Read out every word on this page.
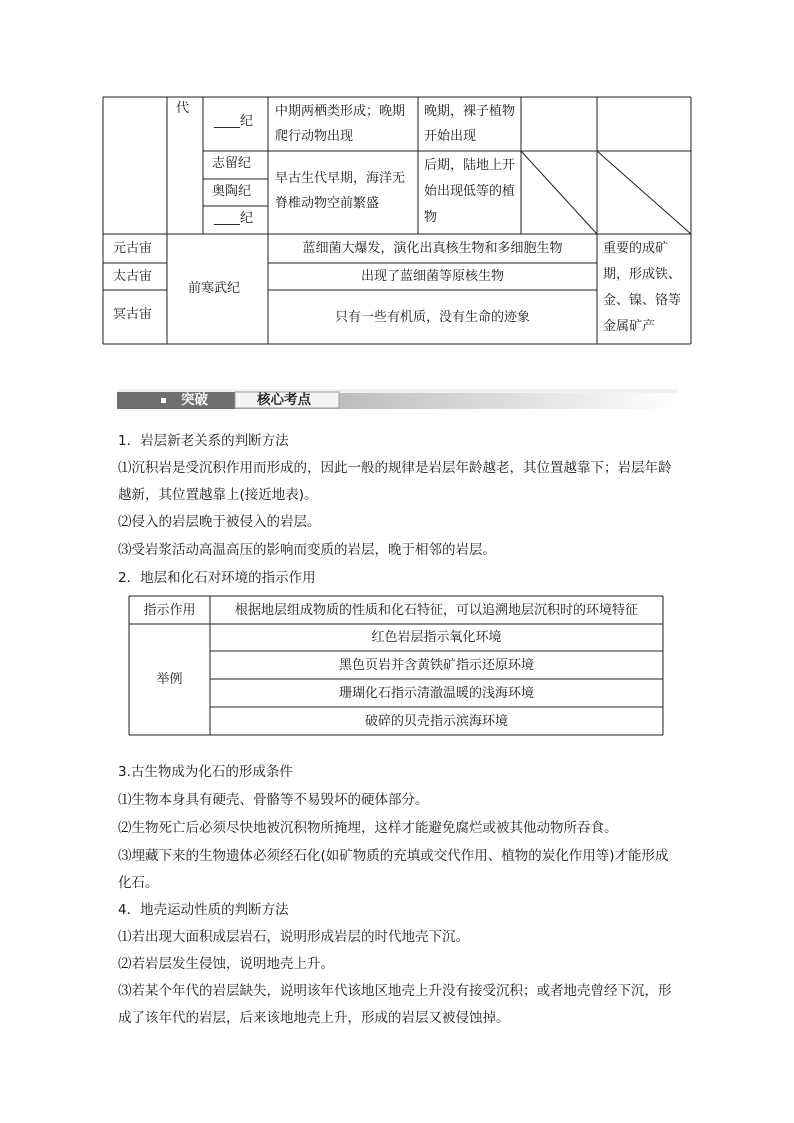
代
____纪
中期两栖类形成；晚期爬行动物出现
晚期，裸子植物开始出现
志留纪
奥陶纪
____纪
早古生代早期，海洋无脊椎动物空前繁盛
后期，陆地上开始出现低等的植物
元古宙
太古宙
冥古宙
前寒武纪
蓝细菌大爆发，演化出真核生物和多细胞生物
出现了蓝细菌等原核生物
只有一些有机质，没有生命的迹象
重要的成矿期，形成铁、金、镍、铬等金属矿产
突破	核心考点
1．岩层新老关系的判断方法
⑴沉积岩是受沉积作用而形成的，因此一般的规律是岩层年龄越老，其位置越靠下；岩层年龄越新，其位置越靠上(接近地表)。
⑵侵入的岩层晚于被侵入的岩层。
⑶受岩浆活动高温高压的影响而变质的岩层，晚于相邻的岩层。
2．地层和化石对环境的指示作用
指示作用	根据地层组成物质的性质和化石特征，可以追溯地层沉积时的环境特征
举例
红色岩层指示氧化环境
黑色页岩并含黄铁矿指示还原环境
珊瑚化石指示清澈温暖的浅海环境
破碎的贝壳指示滨海环境
3.古生物成为化石的形成条件
⑴生物本身具有硬壳、骨骼等不易毁坏的硬体部分。
⑵生物死亡后必须尽快地被沉积物所掩埋，这样才能避免腐烂或被其他动物所吞食。
⑶埋藏下来的生物遗体必须经石化(如矿物质的充填或交代作用、植物的炭化作用等)才能形成化石。
4．地壳运动性质的判断方法
⑴若出现大面积成层岩石，说明形成岩层的时代地壳下沉。
⑵若岩层发生侵蚀，说明地壳上升。
⑶若某个年代的岩层缺失，说明该年代该地区地壳上升没有接受沉积；或者地壳曾经下沉，形成了该年代的岩层，后来该地地壳上升，形成的岩层又被侵蚀掉。
